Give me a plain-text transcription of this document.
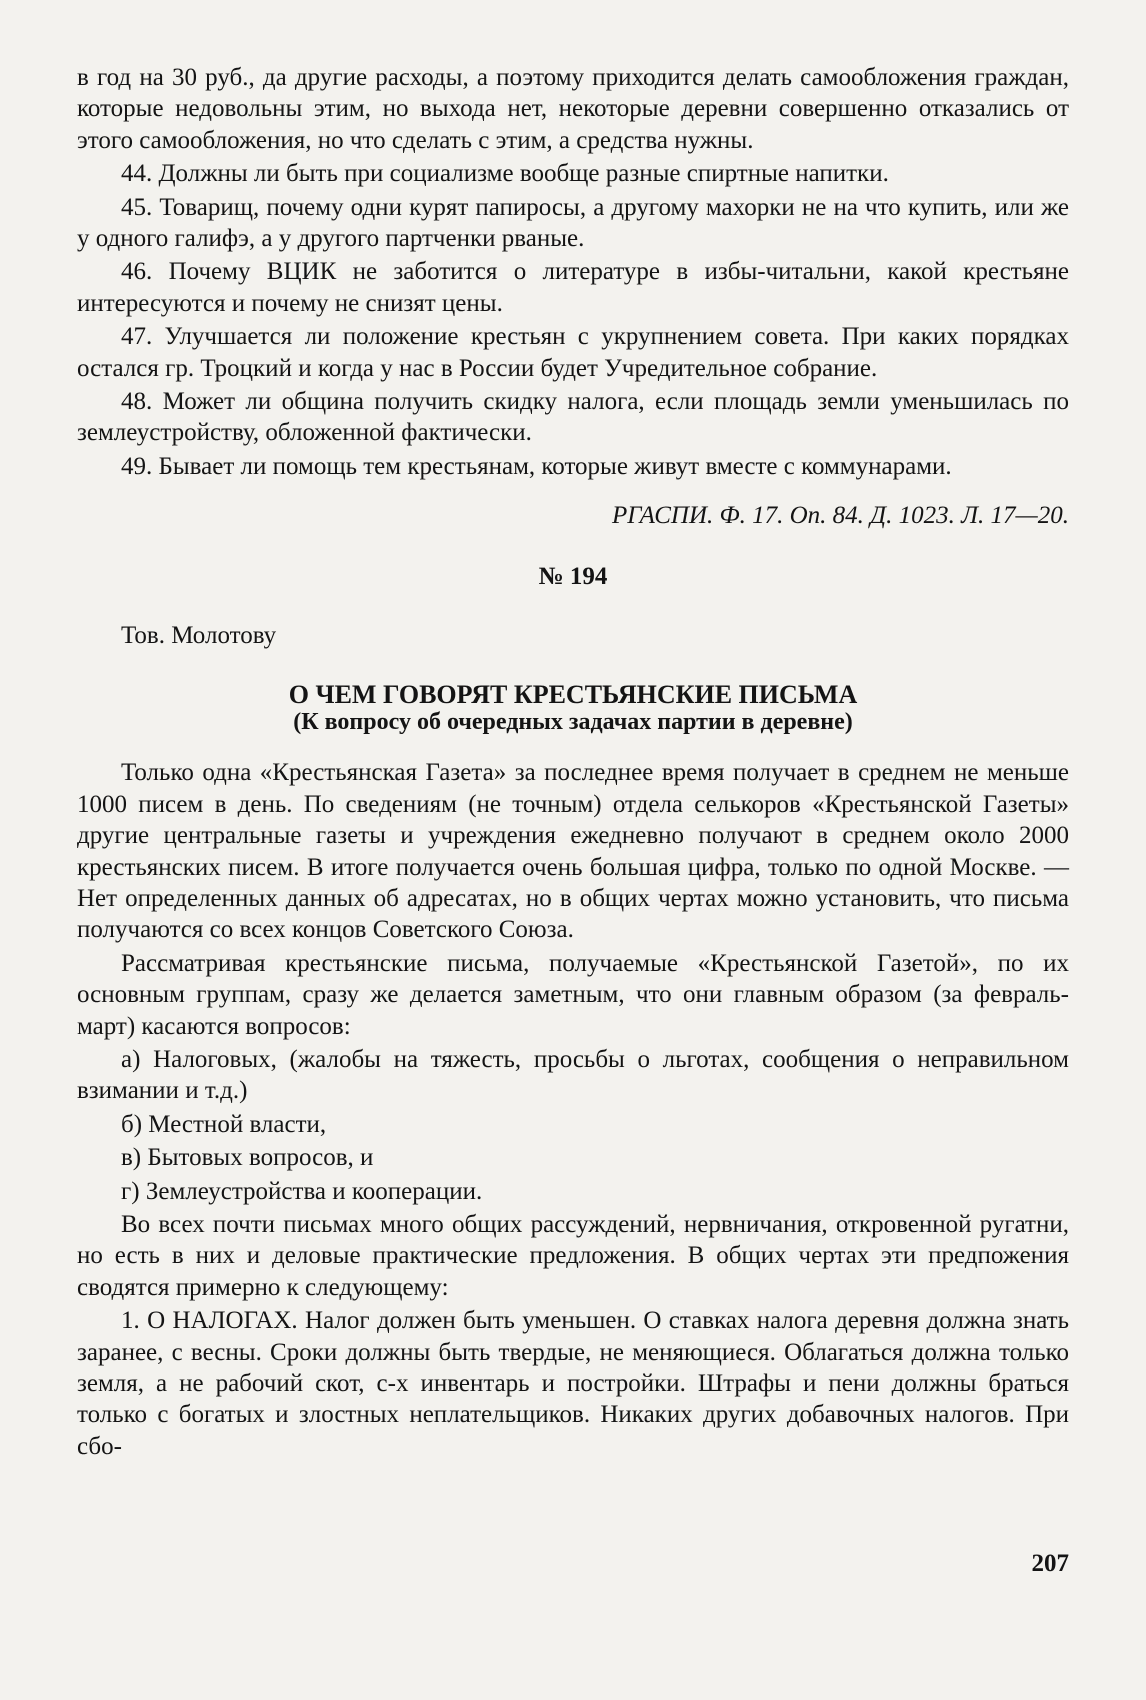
в год на 30 руб., да другие расходы, а поэтому приходится делать самообложения граждан, которые недовольны этим, но выхода нет, некоторые деревни совершенно отказались от этого самообложения, но что сделать с этим, а средства нужны.

44. Должны ли быть при социализме вообще разные спиртные напитки.

45. Товарищ, почему одни курят папиросы, а другому махорки не на что купить, или же у одного галифэ, а у другого партченки рваные.

46. Почему ВЦИК не заботится о литературе в избы-читальни, какой крестьяне интересуются и почему не снизят цены.

47. Улучшается ли положение крестьян с укрупнением совета. При каких порядках остался гр. Троцкий и когда у нас в России будет Учредительное собрание.

48. Может ли община получить скидку налога, если площадь земли уменьшилась по землеустройству, обложенной фактически.

49. Бывает ли помощь тем крестьянам, которые живут вместе с коммунарами.

РГАСПИ. Ф. 17. Оп. 84. Д. 1023. Л. 17—20.

№ 194

Тов. Молотову

О ЧЕМ ГОВОРЯТ КРЕСТЬЯНСКИЕ ПИСЬМА

(К вопросу об очередных задачах партии в деревне)

Только одна «Крестьянская Газета» за последнее время получает в среднем не меньше 1000 писем в день. По сведениям (не точным) отдела селькоров «Крестьянской Газеты» другие центральные газеты и учреждения ежедневно получают в среднем около 2000 крестьянских писем. В итоге получается очень большая цифра, только по одной Москве. — Нет определенных данных об адресатах, но в общих чертах можно установить, что письма получаются со всех концов Советского Союза.

Рассматривая крестьянские письма, получаемые «Крестьянской Газетой», по их основным группам, сразу же делается заметным, что они главным образом (за февраль-март) касаются вопросов:

а) Налоговых, (жалобы на тяжесть, просьбы о льготах, сообщения о неправильном взимании и т.д.)

б) Местной власти,

в) Бытовых вопросов, и

г) Землеустройства и кооперации.

Во всех почти письмах много общих рассуждений, нервничания, откровенной ругатни, но есть в них и деловые практические предложения. В общих чертах эти предпожения сводятся примерно к следующему:

1. О НАЛОГАХ. Налог должен быть уменьшен. О ставках налога деревня должна знать заранее, с весны. Сроки должны быть твердые, не меняющиеся. Облагаться должна только земля, а не рабочий скот, с-х инвентарь и постройки. Штрафы и пени должны браться только с богатых и злостных неплательщиков. Никаких других добавочных налогов. При сбо-

207
